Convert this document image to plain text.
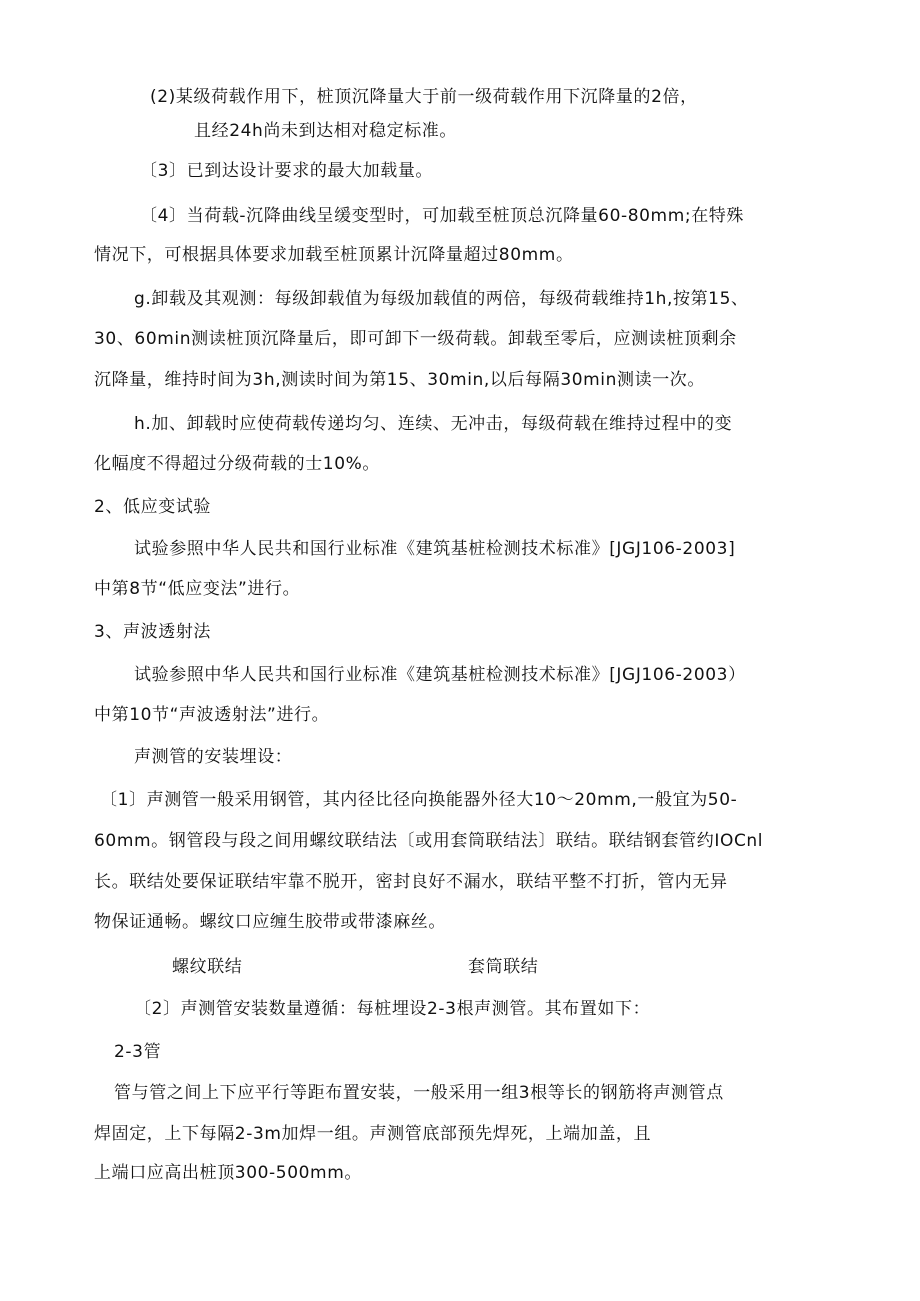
(2)某级荷载作用下，桩顶沉降量大于前一级荷载作用下沉降量的2倍，
且经24h尚未到达相对稳定标准。
〔3〕已到达设计要求的最大加载量。
〔4〕当荷载-沉降曲线呈缓变型时，可加载至桩顶总沉降量60-80mm;在特殊
情况下，可根据具体要求加载至桩顶累计沉降量超过80mm。
g.卸载及其观测：每级卸载值为每级加载值的两倍，每级荷载维持1h,按第15、
30、60min测读桩顶沉降量后，即可卸下一级荷载。卸载至零后，应测读桩顶剩余
沉降量，维持时间为3h,测读时间为第15、30min,以后每隔30min测读一次。
h.加、卸载时应使荷载传递均匀、连续、无冲击，每级荷载在维持过程中的变
化幅度不得超过分级荷载的士10%。
2、低应变试验
试验参照中华人民共和国行业标准《建筑基桩检测技术标准》[JGJ106-2003]
中第8节“低应变法”进行。
3、声波透射法
试验参照中华人民共和国行业标准《建筑基桩检测技术标准》[JGJ106-2003）
中第10节“声波透射法”进行。
声测管的安装埋设：
〔1〕声测管一般采用钢管，其内径比径向换能器外径大10～20mm,一般宜为50-
60mm。钢管段与段之间用螺纹联结法〔或用套筒联结法〕联结。联结钢套管约IOCnl
长。联结处要保证联结牢靠不脱开，密封良好不漏水，联结平整不打折，管内无异
物保证通畅。螺纹口应缠生胶带或带漆麻丝。
螺纹联结	套筒联结
〔2〕声测管安装数量遵循：每桩埋设2-3根声测管。其布置如下：
2-3管
管与管之间上下应平行等距布置安装，一般采用一组3根等长的钢筋将声测管点
焊固定，上下每隔2-3m加焊一组。声测管底部预先焊死，上端加盖，且
上端口应高出桩顶300-500mm。
